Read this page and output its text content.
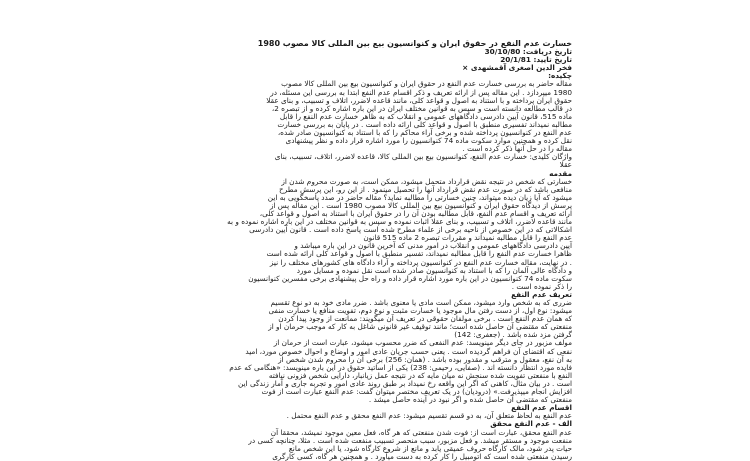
خسارت عدم النفع در حقوق ایران و کنوانسیون بیع بین المللی کالا مصوب 1980
تاریخ دریافت: 30/10/80
تاریخ تایید: 20/1/81
فخر الدین اصغری آقمشهدی ×
چکیده:
مقاله حاضر به بررسی خسارت عدم النفع در حقوق ایران و کنوانسیون بیع بین المللی کالا مصوب
1980 میپردازد . این مقاله پس از ارائه تعریف و ذکر اقسام عدم النفع ابتدا به بررسی این مسئله، در
حقوق ایران پرداخته و با استناد به اصول و قواعد کلی، مانند قاعده لاضرر، اتلاف و تسبیب، و بنای عقلا
در قالب مطالعه دانسته است و سپس به قوانین مختلف ایران در این باره اشاره کرده و از تبصره 2،
ماده 515، قانون آیین دادرسی دادگاههای عمومی و انقلاب که به ظاهر خسارت عدم النفع را قابل
مطالبه نمیداند تفسیری منطبق با اصول و قواعد کلی ارائه داده است . در پایان به بررسی خسارت
عدم النفع در کنوانسیون پرداخته شده و برخی آراء محاکم را که با استناد به کنوانسیون صادر شده،
نقل کرده و همچنین موارد سکوت ماده 74 کنوانسیون را مورد اشاره قرار داده و نظر پیشنهادی
مقاله را در حل آنها ذکر کرده است .
واژگان کلیدی: خسارت عدم النفع، کنوانسیون بیع بین المللی کالا، قاعده لاضرر، اتلاف، تسبیب، بنای
عقلا
مقدمه
خسارتی که شخص در نتیجه نقض قرارداد متحمل میشود، ممکن است، به صورت محروم شدن از
منافعی باشد که در صورت عدم نقض قرارداد آنها را تحصیل مینمود . از این رو، این پرسش مطرح
میشود که آیا زیان دیده میتواند، چنین خسارتی را مطالبه نماید؟ مقاله حاضر در صدد پاسخگویی به این
پرسش از دیدگاه حقوق ایران و کنوانسیون بیع بین المللی کالا مصوب 1980 است . این مقاله پس از
ارائه تعریف و اقسام عدم النفع، قابل مطالبه بودن آن را در حقوق ایران با استناد به اصول و قواعد کلی،
مانند قاعده لاضرر، اتلاف و تسبیب، و بنای عقلا اثبات نموده و سپس به قوانین مختلف در این باره اشاره نموده و به
اشکالاتی که در این خصوص از ناحیه برخی از علماء مطرح شده است پاسخ داده است . قانون آیین دادرسی
عدم النفع را قابل مطالبه نمیداند و مقررات تبصره 2 ماده 515 قانون
آیین دادرسی دادگاههای عمومی و انقلاب در امور مدنی که آخرین قانون در این باره میباشد و
ظاهرا خسارت عدم النفع را قابل مطالبه نمیداند، تفسیر منطبق با اصول و قواعد کلی ارائه شده است
. در نهایت، مقاله خسارت عدم النفع در کنوانسیون پرداخته و آراء دادگاه های کشورهای مختلف را نیز
و دادگاه عالی آلمان را که با استناد به کنوانسیون صادر شده است نقل نموده و مسایل مورد
سکوت ماده 74 کنوانسیون در این باره مورد اشاره قرار داده و راه حل پیشنهادی برخی مفسرین کنوانسیون
را ذکر نموده است .
تعریف عدم النفع
ضرری که به شخص وارد میشود، ممکن است مادی یا معنوی باشد . ضرر مادی خود به دو نوع تقسیم
میشود: نوع اول، از دست رفتن مال موجود یا خسارت مثبت و نوع دوم، تفویت منافع یا خسارت منفی
که همان عدم النفع است . برخی مولفان حقوقی در تعریف آن میگویند: ممانعت از وجود پیدا کردن
منفعتی که مقتضی آن حاصل شده است؛ مانند توقیف غیر قانونی شاغل به کار که موجب حرمان او از
گرفتن مزد شده باشد . (جعفری: 142)
مولف مزبور در جای دیگر مینویسد: عدم النفعی که ضرر محسوب میشود، عبارت است از حرمان از
نفعی که اقتضای آن فراهم گردیده است . یعنی حسب جریان عادی امور و اوضاع و احوال خصوص مورد، امید
به آن نفع، معقول و مترقب و مقدور بوده باشد . (همان: 256) برخی آن را محروم شدن شخص از
فایده مورد انتظار دانسته اند . (صفایی، رحیمی: 238) یکی از اساتید حقوق در این باره مینویسد: «هنگامی که عدم
النفع با منفعتی تفویت شده سنجش نه میان مایه که در نتیجه عمل زیانبار، دارایی شخص فزونی نیافته
است . در بیان مثال، کاهنی که اگر این واقعه رخ نمیداد بر طبق روند عادی امور و تجربه جاری و آمار زندگی این
افزایش انجام میپذیرفت.» (درودیان) در یک تعریف مختصر میتوان گفت: عدم النفع عبارت است از فوت
منفعتی که مقتضی آن حاصل شده و اگر نبود در آینده حاصل میشد .
اقسام عدم النفع
عدم النفع به لحاظ متعلق آن، به دو قسم تقسیم میشود: عدم النفع محقق و عدم النفع محتمل .
الف - عدم النفع محقق
عدم النفع محقق، عبارت است از: فوت شدن منفعتی که هر گاه، فعل معین موجود نمیشد، محققا آن
منفعت موجود و مستقر میشد. و فعل مزبور، سبب منحصر تسبیب منفعت شده است . مثلا، چنانچه کسی در
حیات پدر شود، مالک کارگاه حروف عمیقی یابد و مانع از شروع کارگاه شود، یا این شخص مانع
رسیدن منفعتی شده است که اتومبیل را کار کرده به دست میآورد . و همچنین هر گاه، کسی کارگری
